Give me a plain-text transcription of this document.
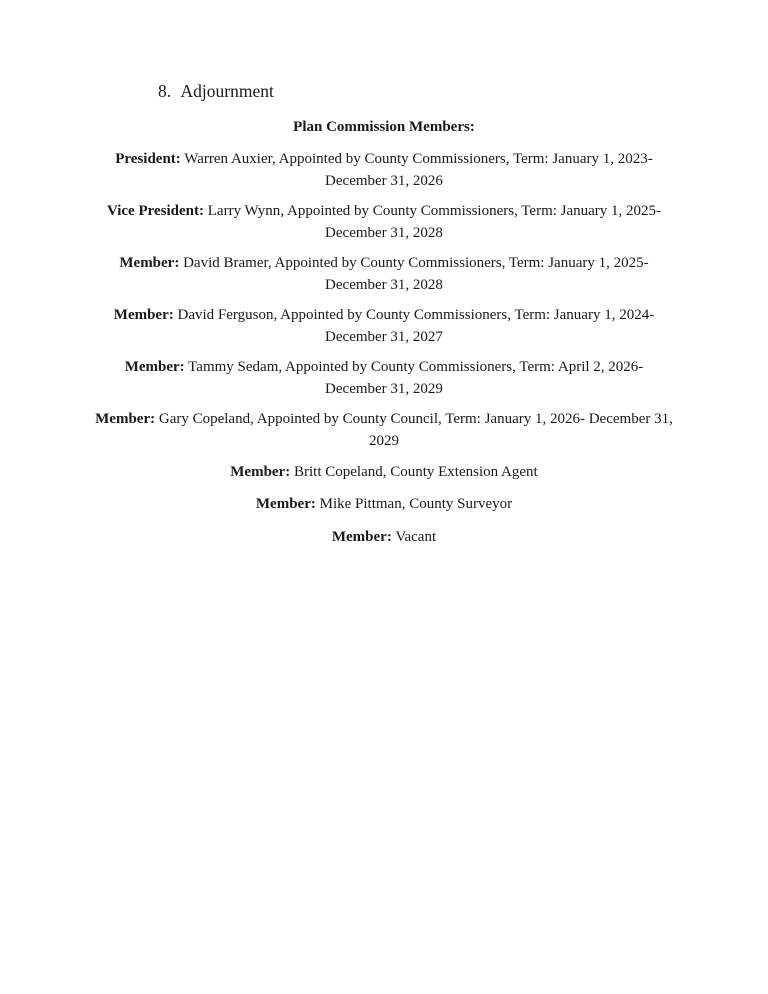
8. Adjournment
Plan Commission Members:
President: Warren Auxier, Appointed by County Commissioners, Term: January 1, 2023-
December 31, 2026
Vice President: Larry Wynn, Appointed by County Commissioners, Term: January 1, 2025-
December 31, 2028
Member: David Bramer, Appointed by County Commissioners, Term: January 1, 2025-
December 31, 2028
Member: David Ferguson, Appointed by County Commissioners, Term: January 1, 2024-
December 31, 2027
Member: Tammy Sedam, Appointed by County Commissioners, Term: April 2, 2026-
December 31, 2029
Member: Gary Copeland, Appointed by County Council, Term: January 1, 2026- December 31,
2029
Member: Britt Copeland, County Extension Agent
Member: Mike Pittman, County Surveyor
Member: Vacant
